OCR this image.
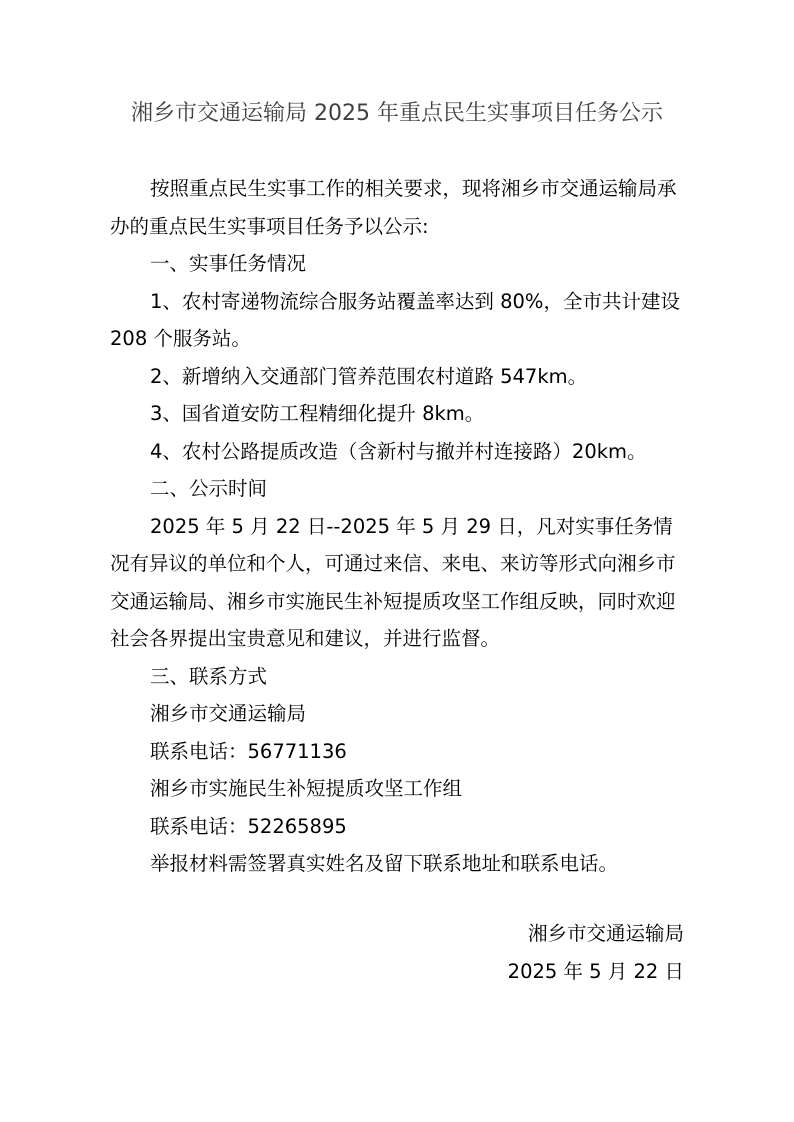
湘乡市交通运输局 2025 年重点民生实事项目任务公示

按照重点民生实事工作的相关要求，现将湘乡市交通运输局承办的重点民生实事项目任务予以公示:

一、实事任务情况

1、农村寄递物流综合服务站覆盖率达到 80%，全市共计建设 208 个服务站。

2、新增纳入交通部门管养范围农村道路 547km。

3、国省道安防工程精细化提升 8km。

4、农村公路提质改造（含新村与撤并村连接路）20km。

二、公示时间

2025 年 5 月 22 日--2025 年 5 月 29 日，凡对实事任务情况有异议的单位和个人，可通过来信、来电、来访等形式向湘乡市交通运输局、湘乡市实施民生补短提质攻坚工作组反映，同时欢迎社会各界提出宝贵意见和建议，并进行监督。

三、联系方式

湘乡市交通运输局

联系电话：56771136

湘乡市实施民生补短提质攻坚工作组

联系电话：52265895

举报材料需签署真实姓名及留下联系地址和联系电话。

湘乡市交通运输局
2025 年 5 月 22 日
